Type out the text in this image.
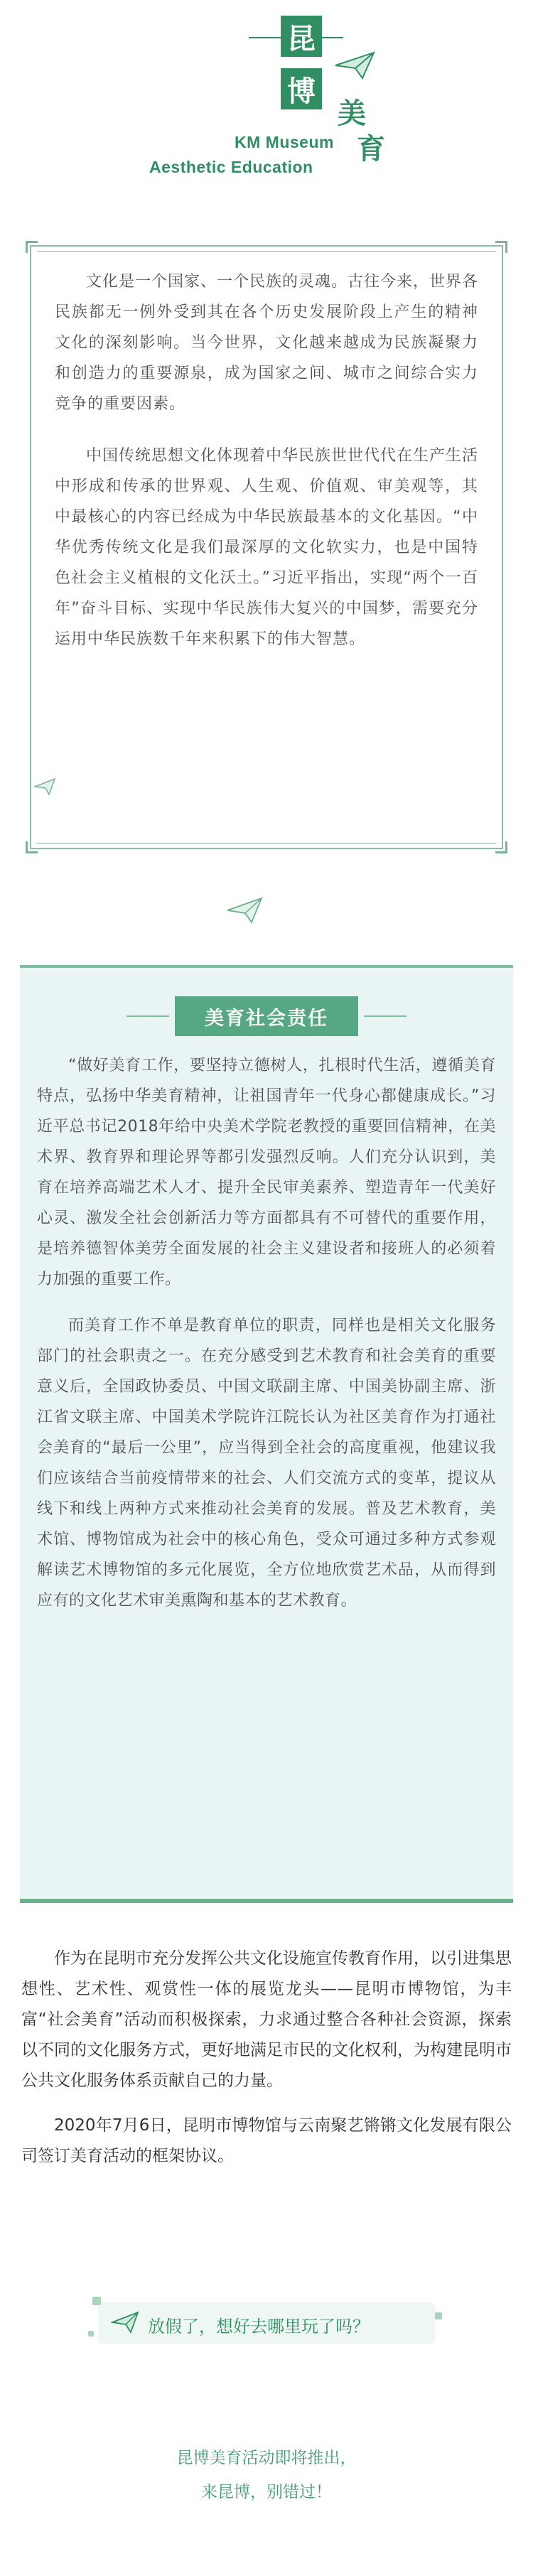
昆
博
美
育
KM Museum
Aesthetic Education

文化是一个国家、一个民族的灵魂。古往今来，世界各民族都无一例外受到其在各个历史发展阶段上产生的精神文化的深刻影响。当今世界，文化越来越成为民族凝聚力和创造力的重要源泉，成为国家之间、城市之间综合实力竞争的重要因素。

中国传统思想文化体现着中华民族世世代代在生产生活中形成和传承的世界观、人生观、价值观、审美观等，其中最核心的内容已经成为中华民族最基本的文化基因。“中华优秀传统文化是我们最深厚的文化软实力，也是中国特色社会主义植根的文化沃土。”习近平指出，实现“两个一百年”奋斗目标、实现中华民族伟大复兴的中国梦，需要充分运用中华民族数千年来积累下的伟大智慧。

美育社会责任

“做好美育工作，要坚持立德树人，扎根时代生活，遵循美育特点，弘扬中华美育精神，让祖国青年一代身心都健康成长。”习近平总书记2018年给中央美术学院老教授的重要回信精神，在美术界、教育界和理论界等都引发强烈反响。人们充分认识到，美育在培养高端艺术人才、提升全民审美素养、塑造青年一代美好心灵、激发全社会创新活力等方面都具有不可替代的重要作用，是培养德智体美劳全面发展的社会主义建设者和接班人的必须着力加强的重要工作。

而美育工作不单是教育单位的职责，同样也是相关文化服务部门的社会职责之一。在充分感受到艺术教育和社会美育的重要意义后，全国政协委员、中国文联副主席、中国美协副主席、浙江省文联主席、中国美术学院许江院长认为社区美育作为打通社会美育的“最后一公里”，应当得到全社会的高度重视，他建议我们应该结合当前疫情带来的社会、人们交流方式的变革，提议从线下和线上两种方式来推动社会美育的发展。普及艺术教育，美术馆、博物馆成为社会中的核心角色，受众可通过多种方式参观解读艺术博物馆的多元化展览，全方位地欣赏艺术品，从而得到应有的文化艺术审美熏陶和基本的艺术教育。

作为在昆明市充分发挥公共文化设施宣传教育作用，以引进集思想性、艺术性、观赏性一体的展览龙头——昆明市博物馆，为丰富“社会美育”活动而积极探索，力求通过整合各种社会资源，探索以不同的文化服务方式，更好地满足市民的文化权利，为构建昆明市公共文化服务体系贡献自己的力量。

2020年7月6日，昆明市博物馆与云南聚艺锵锵文化发展有限公司签订美育活动的框架协议。

放假了，想好去哪里玩了吗？
昆博美育活动即将推出，
来昆博，别错过！
